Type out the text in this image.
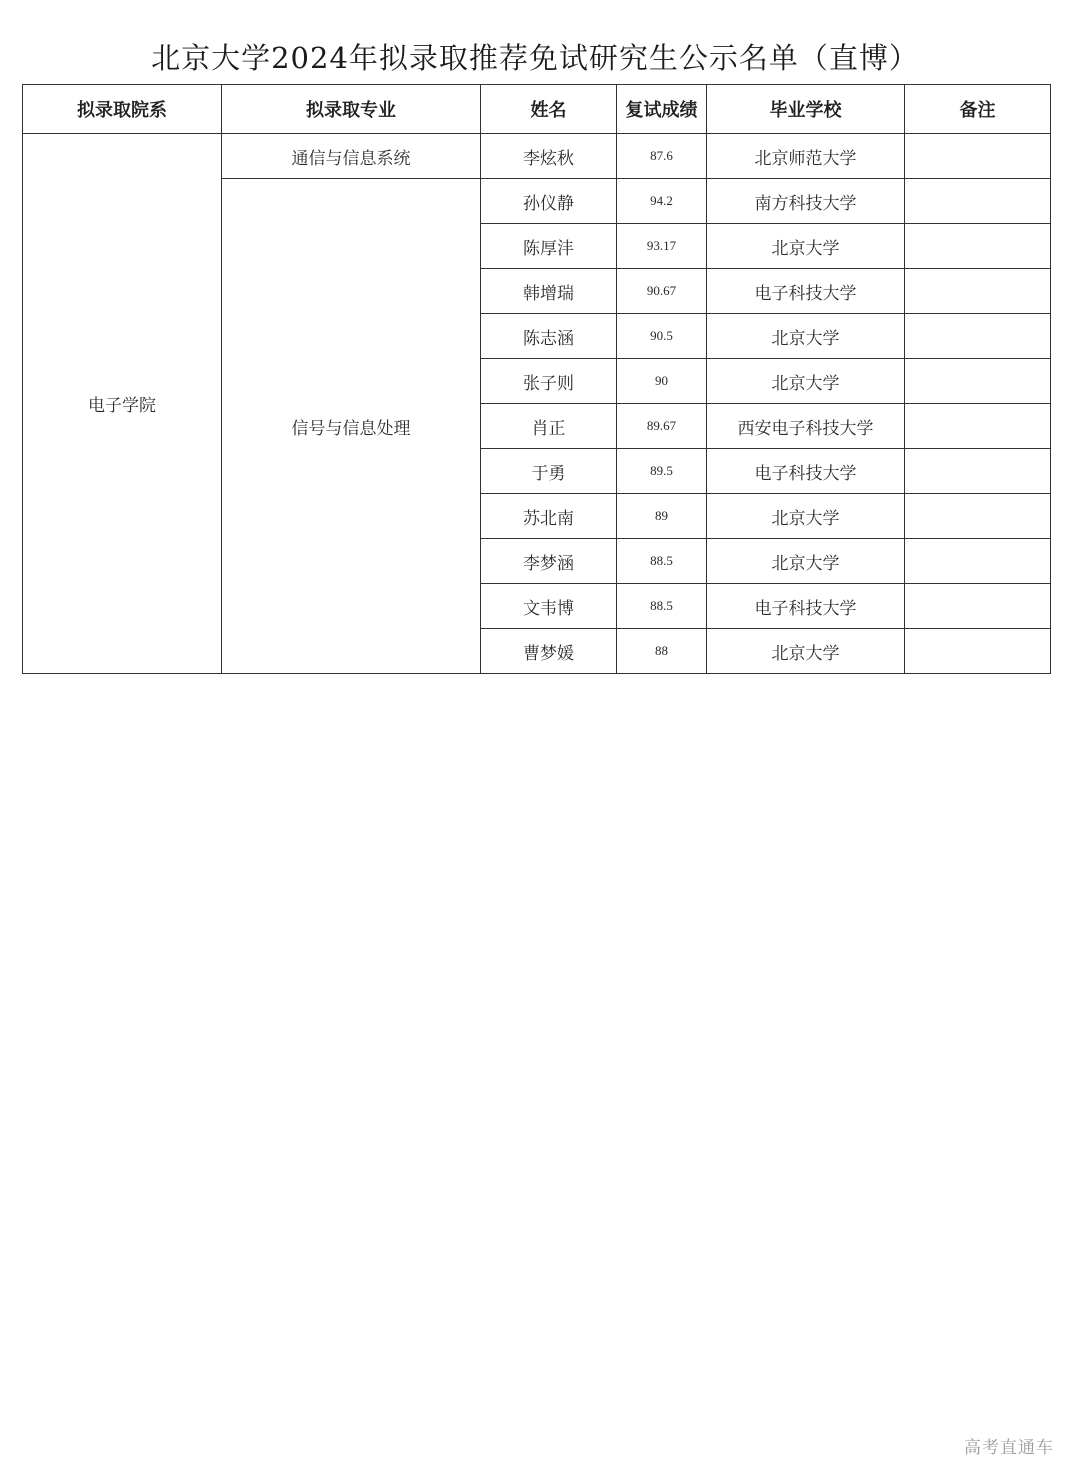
北京大学2024年拟录取推荐免试研究生公示名单（直博）
拟录取院系	拟录取专业	姓名	复试成绩	毕业学校	备注
电子学院	通信与信息系统	李炫秋	87.6	北京师范大学	
	信号与信息处理	孙仪静	94.2	南方科技大学	
		陈厚沣	93.17	北京大学	
		韩增瑞	90.67	电子科技大学	
		陈志涵	90.5	北京大学	
		张子则	90	北京大学	
		肖正	89.67	西安电子科技大学	
		于勇	89.5	电子科技大学	
		苏北南	89	北京大学	
		李梦涵	88.5	北京大学	
		文韦博	88.5	电子科技大学	
		曹梦媛	88	北京大学	
高考直通车
